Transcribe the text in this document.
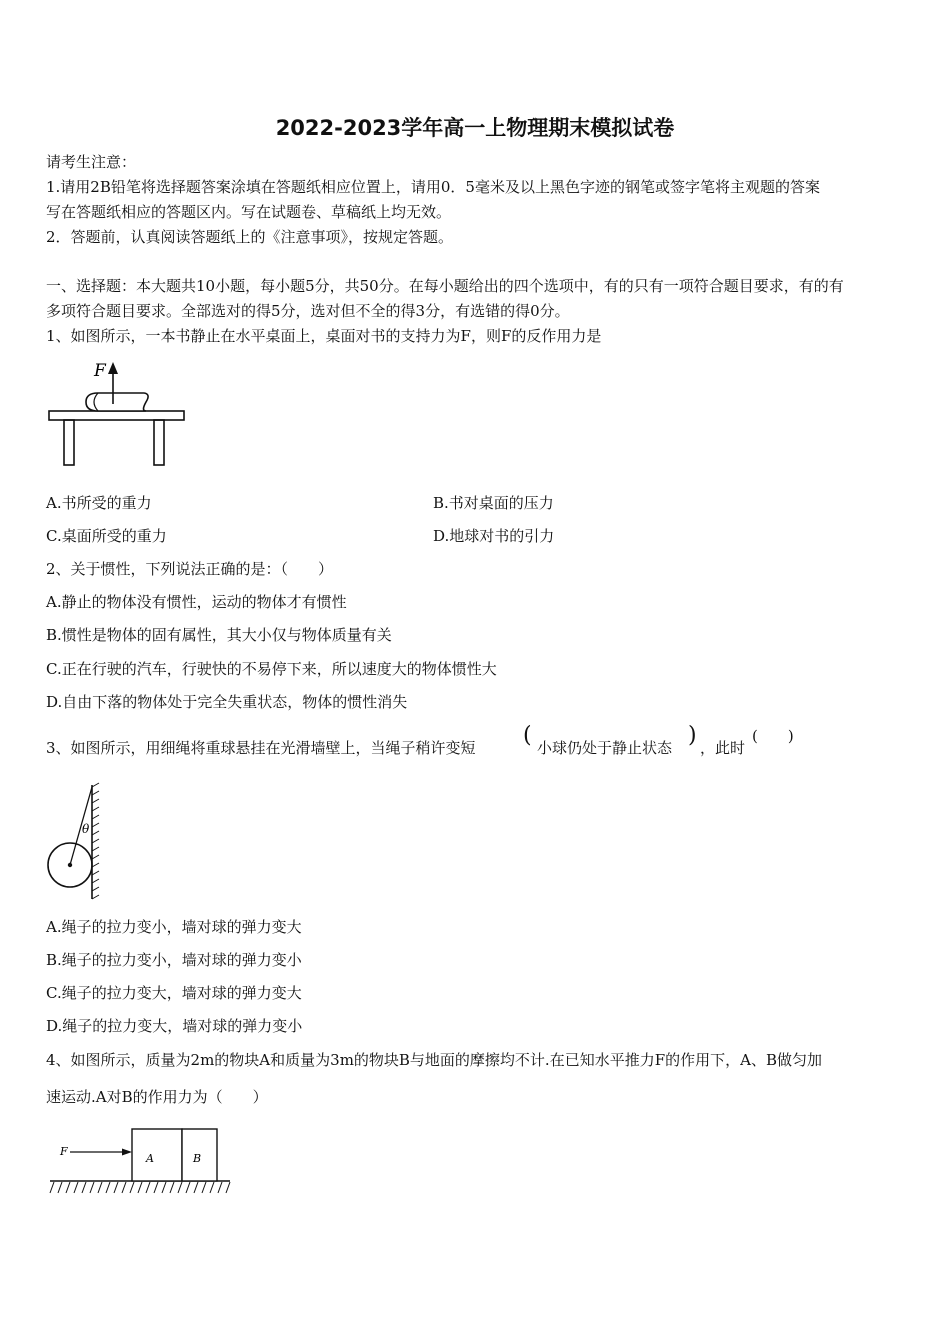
2022-2023学年高一上物理期末模拟试卷
请考生注意：
1.请用2B铅笔将选择题答案涂填在答题纸相应位置上，请用0．5毫米及以上黑色字迹的钢笔或签字笔将主观题的答案
写在答题纸相应的答题区内。写在试题卷、草稿纸上均无效。
2．答题前，认真阅读答题纸上的《注意事项》，按规定答题。
一、选择题：本大题共10小题，每小题5分，共50分。在每小题给出的四个选项中，有的只有一项符合题目要求，有的有
多项符合题目要求。全部选对的得5分，选对但不全的得3分，有选错的得0分。
1、如图所示，一本书静止在水平桌面上，桌面对书的支持力为F，则F的反作用力是
F
A.书所受的重力	B.书对桌面的压力
C.桌面所受的重力	D.地球对书的引力
2、关于惯性，下列说法正确的是：（　　）
A.静止的物体没有惯性，运动的物体才有惯性
B.惯性是物体的固有属性，其大小仅与物体质量有关
C.正在行驶的汽车，行驶快的不易停下来，所以速度大的物体惯性大
D.自由下落的物体处于完全失重状态，物体的惯性消失
3、如图所示，用细绳将重球悬挂在光滑墙壁上，当绳子稍许变短 ( 小球仍处于静止状态 ) ，此时
(　　)
θ
A.绳子的拉力变小，墙对球的弹力变大
B.绳子的拉力变小，墙对球的弹力变小
C.绳子的拉力变大，墙对球的弹力变大
D.绳子的拉力变大，墙对球的弹力变小
4、如图所示，质量为2m的物块A和质量为3m的物块B与地面的摩擦均不计.在已知水平推力F的作用下，A、B做匀加
速运动.A对B的作用力为（　　）
F
A	B
